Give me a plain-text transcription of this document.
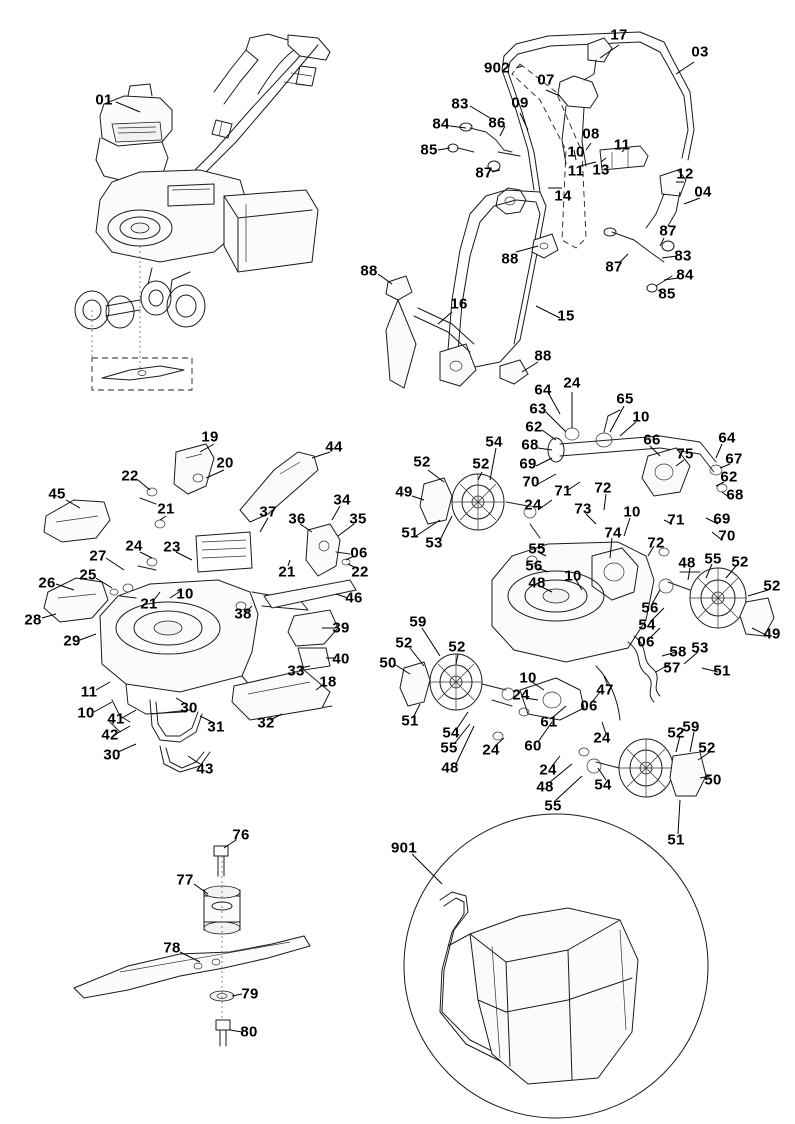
01
17
03
902
07
83	09
84	86
08
85	10 11
11 13
87	12
14	04
87
88	83
87	84
88
85
16
15
88
64 24
63
65
62
10
19
44	68	66	64
54
69
75 67
22
20	52	52
70	62
49	71 72	68
45	34
21	37 36	35
24 73 10 71 69
24 23
51
53
74
72	70
06	55
27
21	22	56	48 55 52
25
26	48 10
52
10
21	56
28	38
46
54
49
29
39	59
06
52 52	58 53
40 50	57 51
33	10
47
11
18
24
06
10	30
61
41	31	51
42
32
54	24	52
59
30	55	60	52
43	48
24
24
50
48	54
55
51
76
901
77
78
79
80
